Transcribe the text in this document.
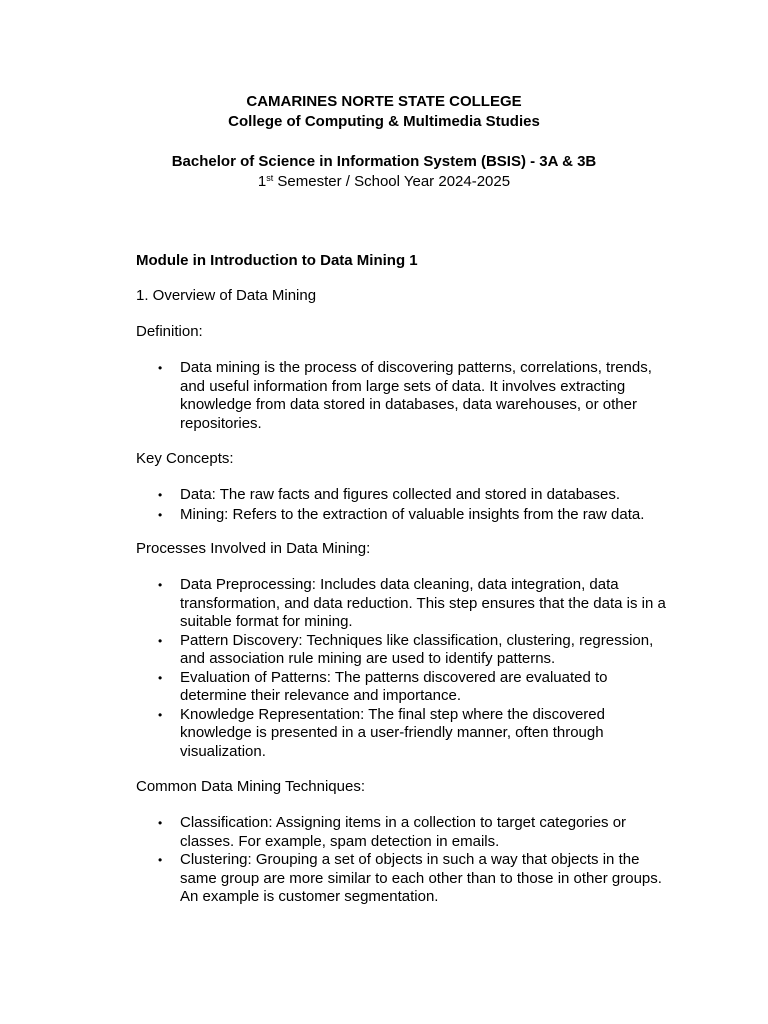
CAMARINES NORTE STATE COLLEGE
College of Computing & Multimedia Studies
Bachelor of Science in Information System (BSIS) - 3A & 3B
1st Semester / School Year 2024-2025
Module in Introduction to Data Mining 1
1. Overview of Data Mining
Definition:
• Data mining is the process of discovering patterns, correlations, trends, and useful information from large sets of data. It involves extracting knowledge from data stored in databases, data warehouses, or other repositories.
Key Concepts:
• Data: The raw facts and figures collected and stored in databases.
• Mining: Refers to the extraction of valuable insights from the raw data.
Processes Involved in Data Mining:
• Data Preprocessing: Includes data cleaning, data integration, data transformation, and data reduction. This step ensures that the data is in a suitable format for mining.
• Pattern Discovery: Techniques like classification, clustering, regression, and association rule mining are used to identify patterns.
• Evaluation of Patterns: The patterns discovered are evaluated to determine their relevance and importance.
• Knowledge Representation: The final step where the discovered knowledge is presented in a user-friendly manner, often through visualization.
Common Data Mining Techniques:
• Classification: Assigning items in a collection to target categories or classes. For example, spam detection in emails.
• Clustering: Grouping a set of objects in such a way that objects in the same group are more similar to each other than to those in other groups. An example is customer segmentation.
